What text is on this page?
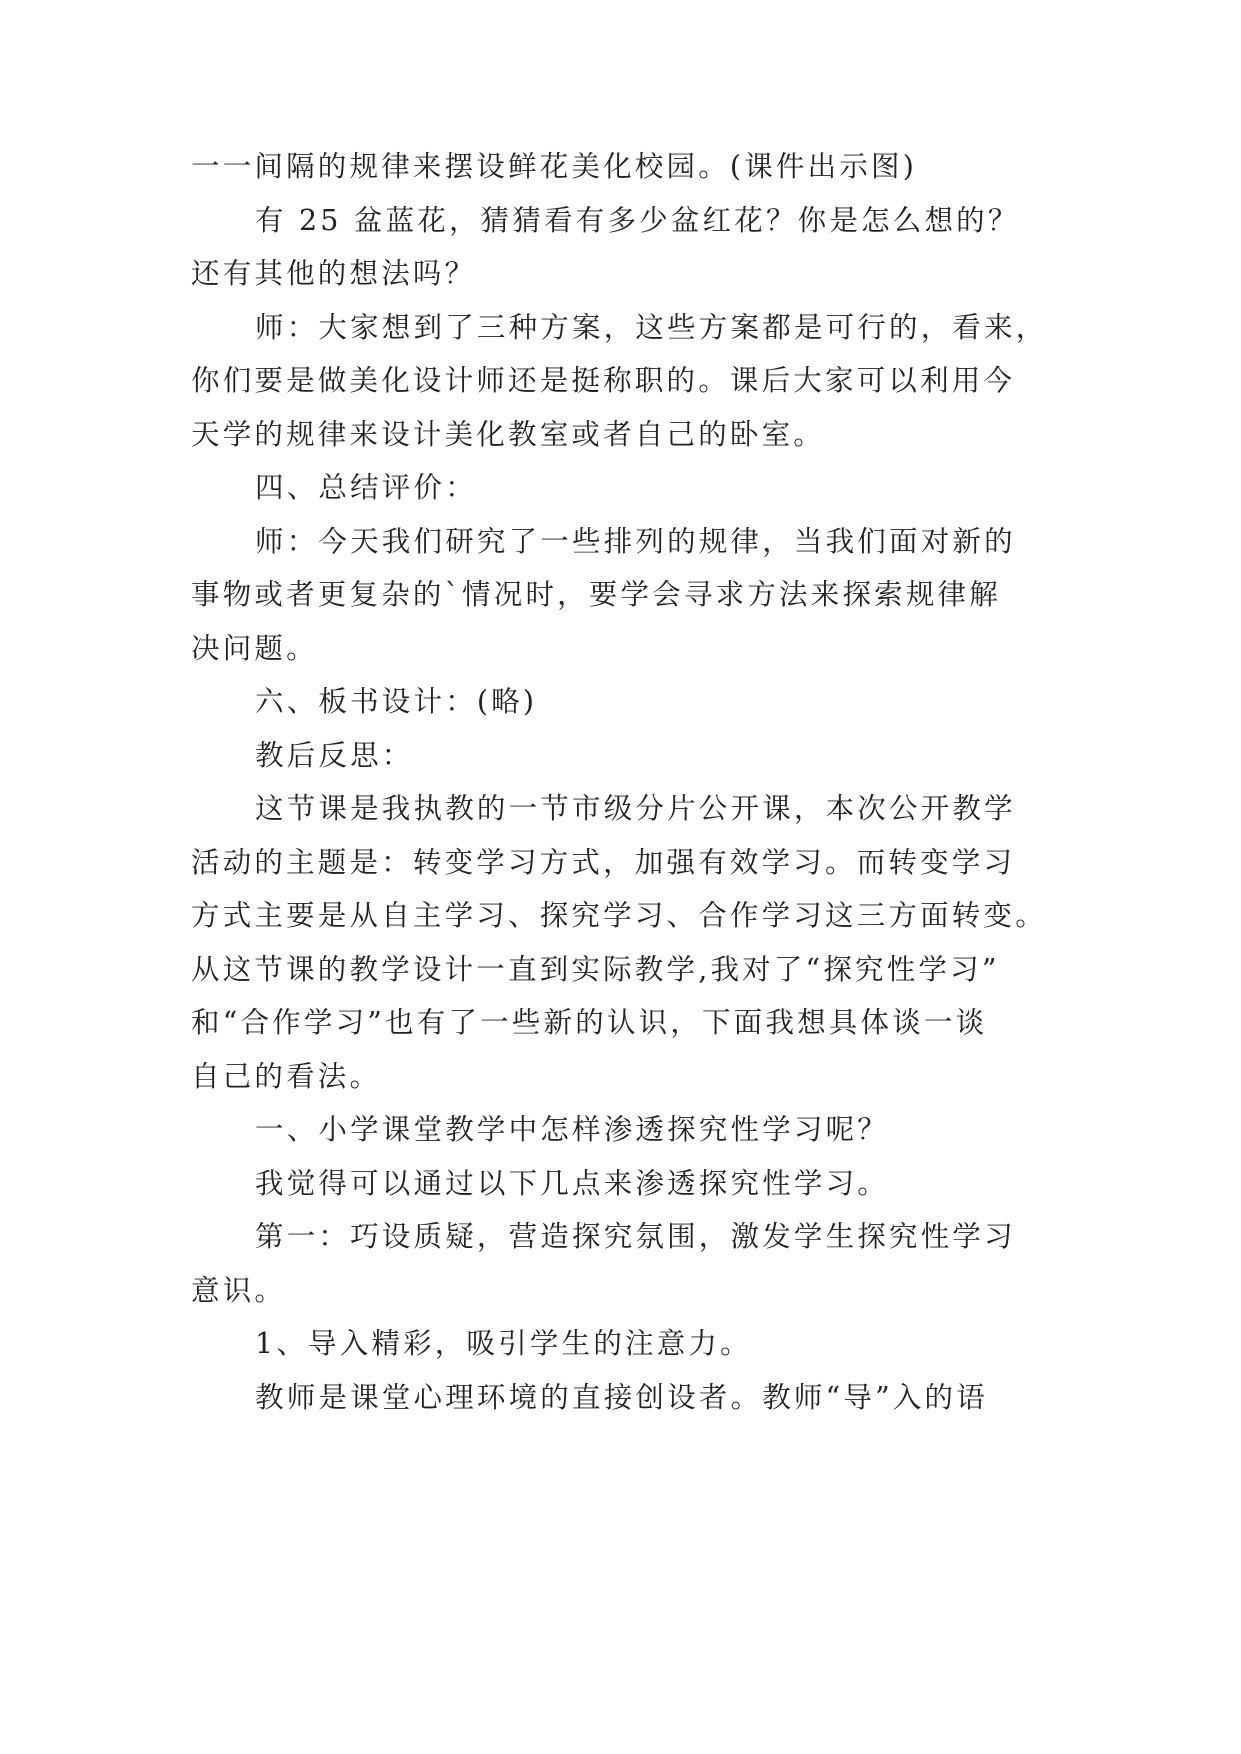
一一间隔的规律来摆设鲜花美化校园。(课件出示图)
有 25 盆蓝花，猜猜看有多少盆红花？你是怎么想的？
还有其他的想法吗？
师：大家想到了三种方案，这些方案都是可行的，看来，
你们要是做美化设计师还是挺称职的。课后大家可以利用今
天学的规律来设计美化教室或者自己的卧室。
四、总结评价：
师：今天我们研究了一些排列的规律，当我们面对新的
事物或者更复杂的`情况时，要学会寻求方法来探索规律解
决问题。
六、板书设计：(略)
教后反思：
这节课是我执教的一节市级分片公开课，本次公开教学
活动的主题是：转变学习方式，加强有效学习。而转变学习
方式主要是从自主学习、探究学习、合作学习这三方面转变。
从这节课的教学设计一直到实际教学,我对了“探究性学习”
和“合作学习”也有了一些新的认识，下面我想具体谈一谈
自己的看法。
一、小学课堂教学中怎样渗透探究性学习呢？
我觉得可以通过以下几点来渗透探究性学习。
第一：巧设质疑，营造探究氛围，激发学生探究性学习
意识。
1、导入精彩，吸引学生的注意力。
教师是课堂心理环境的直接创设者。教师“导”入的语
